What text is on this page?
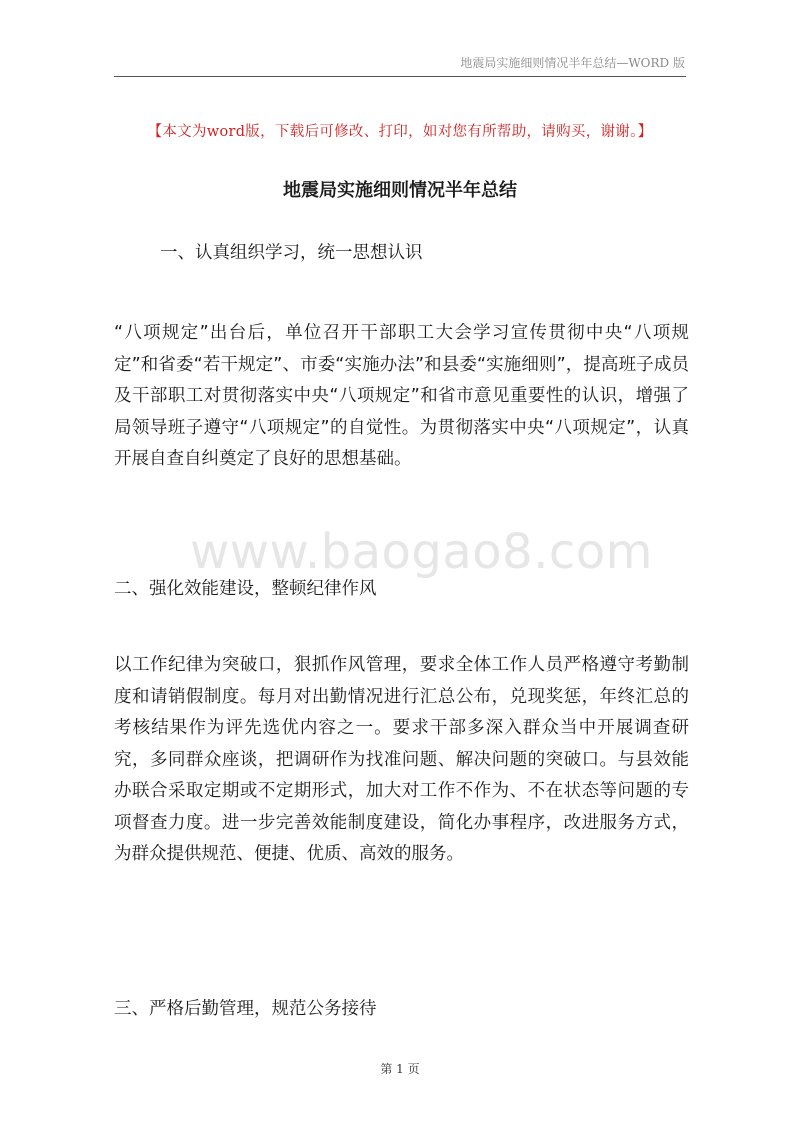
地震局实施细则情况半年总结—WORD 版
【本文为word版，下载后可修改、打印，如对您有所帮助，请购买，谢谢。】
地震局实施细则情况半年总结
一、认真组织学习，统一思想认识
“八项规定”出台后，单位召开干部职工大会学习宣传贯彻中央“八项规定”和省委“若干规定”、市委“实施办法”和县委“实施细则”，提高班子成员及干部职工对贯彻落实中央“八项规定”和省市意见重要性的认识，增强了局领导班子遵守“八项规定”的自觉性。为贯彻落实中央“八项规定”，认真开展自查自纠奠定了良好的思想基础。
www.baogao8.com
二、强化效能建设，整顿纪律作风
以工作纪律为突破口，狠抓作风管理，要求全体工作人员严格遵守考勤制度和请销假制度。每月对出勤情况进行汇总公布，兑现奖惩，年终汇总的考核结果作为评先选优内容之一。要求干部多深入群众当中开展调查研究，多同群众座谈，把调研作为找准问题、解决问题的突破口。与县效能办联合采取定期或不定期形式，加大对工作不作为、不在状态等问题的专项督查力度。进一步完善效能制度建设，简化办事程序，改进服务方式，为群众提供规范、便捷、优质、高效的服务。
三、严格后勤管理，规范公务接待
第 1 页
